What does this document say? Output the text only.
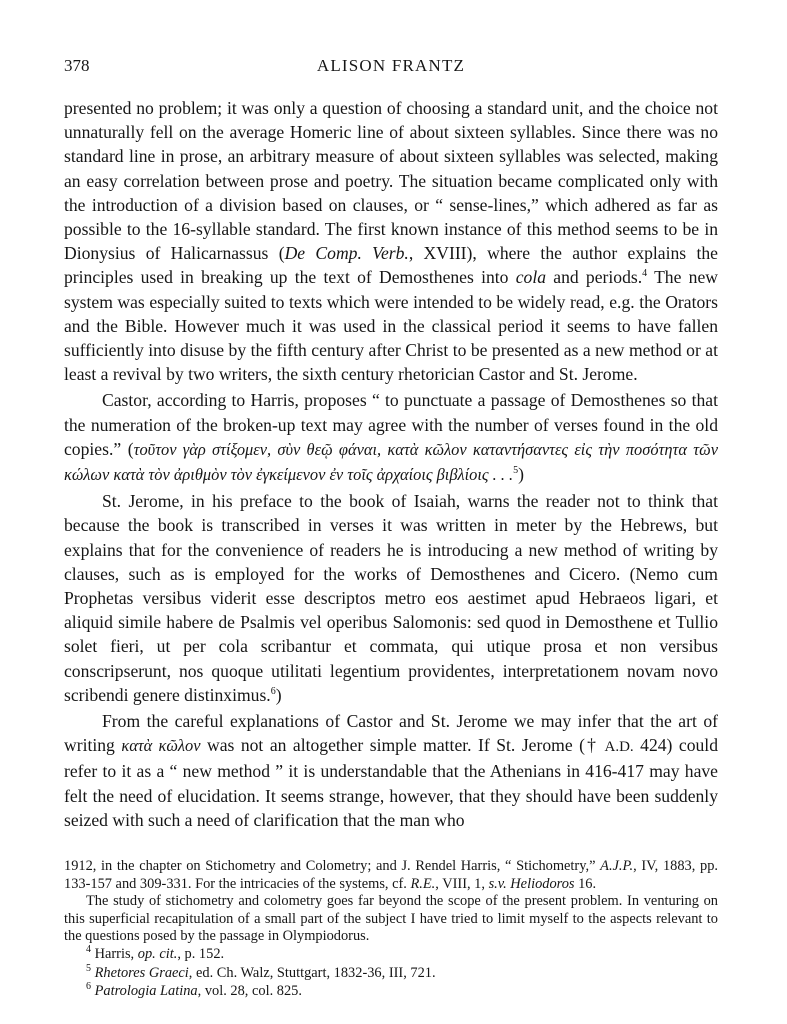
378	ALISON FRANTZ

presented no problem; it was only a question of choosing a standard unit, and the choice not unnaturally fell on the average Homeric line of about sixteen syllables. Since there was no standard line in prose, an arbitrary measure of about sixteen syllables was selected, making an easy correlation between prose and poetry. The situation became complicated only with the introduction of a division based on clauses, or “ sense-lines,” which adhered as far as possible to the 16-syllable standard. The first known instance of this method seems to be in Dionysius of Halicarnassus (De Comp. Verb., XVIII), where the author explains the principles used in breaking up the text of Demosthenes into cola and periods.$^4$ The new system was especially suited to texts which were intended to be widely read, e.g. the Orators and the Bible. However much it was used in the classical period it seems to have fallen sufficiently into disuse by the fifth century after Christ to be presented as a new method or at least a revival by two writers, the sixth century rhetorician Castor and St. Jerome.

Castor, according to Harris, proposes “ to punctuate a passage of Demosthenes so that the numeration of the broken-up text may agree with the number of verses found in the old copies.” (τοῦτον γὰρ στίξομεν, σὺν θεῷ φάναι, κατὰ κῶλον καταντήσαντες εἰς τὴν ποσότητα τῶν κώλων κατὰ τὸν ἀριθμὸν τὸν ἐγκείμενον ἐν τοῖς ἀρχαίοις βιβλίοις . . .$^5$)

St. Jerome, in his preface to the book of Isaiah, warns the reader not to think that because the book is transcribed in verses it was written in meter by the Hebrews, but explains that for the convenience of readers he is introducing a new method of writing by clauses, such as is employed for the works of Demosthenes and Cicero. (Nemo cum Prophetas versibus viderit esse descriptos metro eos aestimet apud Hebraeos ligari, et aliquid simile habere de Psalmis vel operibus Salomonis: sed quod in Demosthene et Tullio solet fieri, ut per cola scribantur et commata, qui utique prosa et non versibus conscripserunt, nos quoque utilitati legentium providentes, interpretationem novam novo scribendi genere distinximus.$^6$)

From the careful explanations of Castor and St. Jerome we may infer that the art of writing κατὰ κῶλον was not an altogether simple matter. If St. Jerome († A.D. 424) could refer to it as a “ new method ” it is understandable that the Athenians in 416-417 may have felt the need of elucidation. It seems strange, however, that they should have been suddenly seized with such a need of clarification that the man who

1912, in the chapter on Stichometry and Colometry; and J. Rendel Harris, “ Stichometry,” A.J.P., IV, 1883, pp. 133-157 and 309-331. For the intricacies of the systems, cf. R.E., VIII, 1, s.v. Heliodoros 16.

The study of stichometry and colometry goes far beyond the scope of the present problem. In venturing on this superficial recapitulation of a small part of the subject I have tried to limit myself to the aspects relevant to the questions posed by the passage in Olympiodorus.

$^4$ Harris, op. cit., p. 152.

$^5$ Rhetores Graeci, ed. Ch. Walz, Stuttgart, 1832-36, III, 721.

$^6$ Patrologia Latina, vol. 28, col. 825.
